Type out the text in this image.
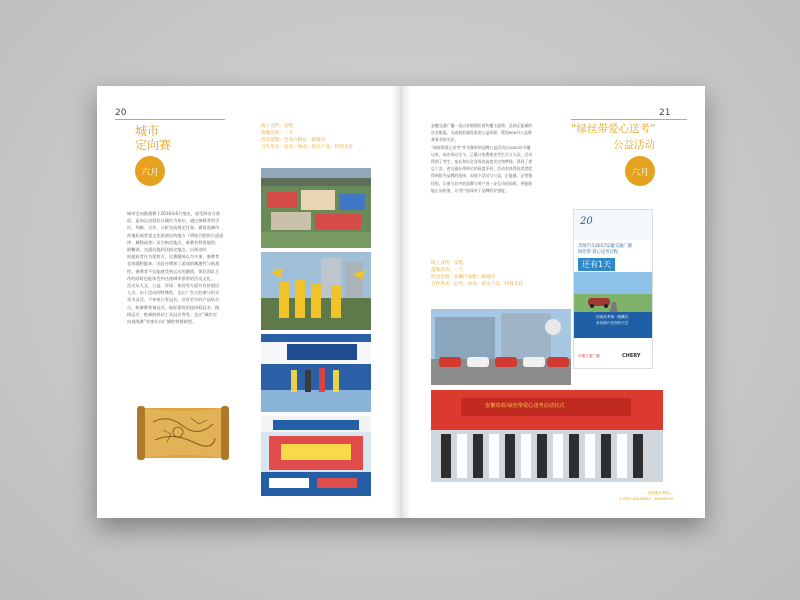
20
城市
定向赛
六月
线上宣传：安程
落地活动：一天
活动范围：全省内路宜一路城市
合作形式：冠名、协办、指定产品、特别支持
城市定向挑战赛于2016年6月推出，面受到各方欢
迎，是向运动爱好以城市为单位，通过参赛者的学
识、判断、合作，分析完成规定任务。通常选城市
的地标或者重文化景展设的地方（例如合肥的古逍遥
津、城隍庙等）设为指定地点。参赛者利用地图、
阳鞭部、交通设施到达指定地点，以到达时
间最短者作为优胜方，比赛题统以为多事，参赛者
宜培越积越来。因此亦增加了游戏的刺激性与挑战
性。参赛者不仅能感受到运动的激情，体验团队合
作的同时也能体会到这座城市厚厚的活动文化。
活动从人文、公益、环保、体验等方面均有价值切
入点，由于活动的特殊性，也让广告主的参与形式
更为灵活，不单单只有冠名。还有更多的产品结合
点，如参赛装备冠名、地标建筑的选择权冠名、路
线冠名、搭乘的驿站工具冠名等等。也让“城市定
向挑战赛”亲密让向广播的营销联想。
21
“绿丝带爱心送考”
公益活动
六月
安徽交通广播一直以来都拥负着传播主旋律、弘扬正能量的
社会职责。为高校诉属优质的公益资源，策划900对公益将
善事业的关注。
“绿丝带爱心送考”作为频率的品牌公益活动自2004年开播
以来，成功举办至今。已累计免费接送考生百万人次，活动
得到了考生、家长和社会各界的高度肯定和赞扬，得到了省
总工会、省交通办带单位的高度评价。活动有获得的美誉度
得到很多品牌的选择。而独下活动与公益、正能量、正营销
挂钩。让参与其中的品牌与用户进一步互动的同时，更能既
能正向价值，让用户加深对于品牌的好感度。
线上宣传：安程
落地活动：一天
活动范围：安徽内省肥一路城市
合作形式：冠名、协办、指定产品、特殊支持
20
奇瑞汽车2017安徽交通广播
绿丝带·爱心送考启程
还有1天
回看高考第一缕曙光
奔向那片有你的天空
安徽交通广播	CHERY
安徽奇瑞·绿丝带爱心送考启动仪式
— 营销服务系线—
1 0551 63458862、63458709
